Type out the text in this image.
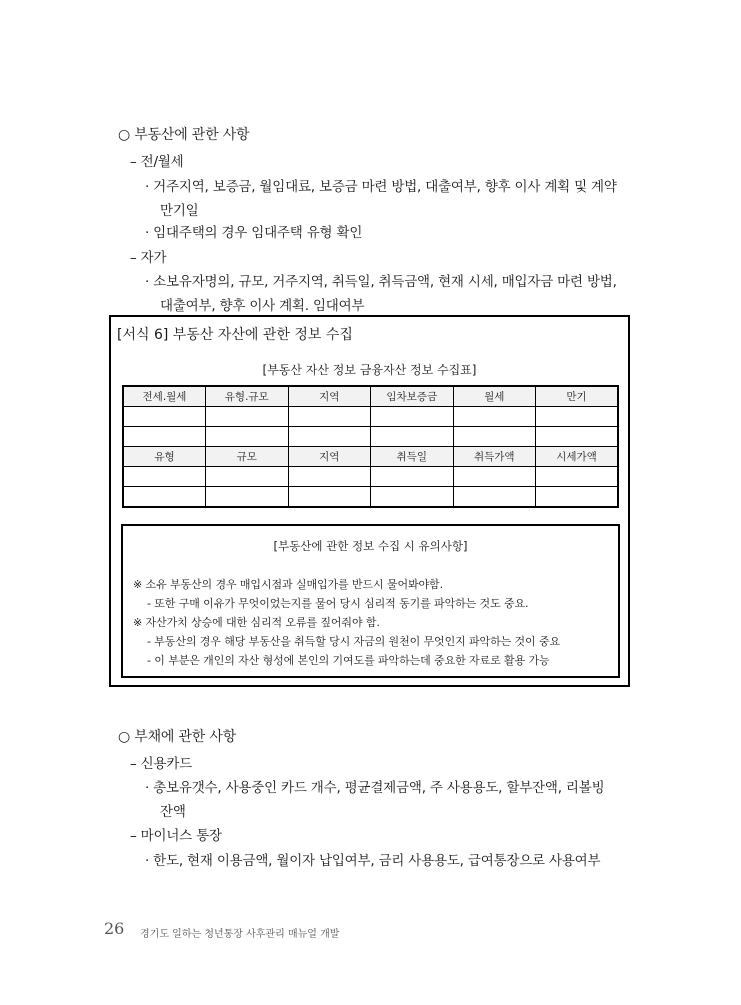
○ 부동산에 관한 사항
– 전/월세
· 거주지역, 보증금, 월임대료, 보증금 마련 방법, 대출여부, 향후 이사 계획 및 계약
만기일
· 임대주택의 경우 임대주택 유형 확인
– 자가
· 소보유자명의, 규모, 거주지역, 취득일, 취득금액, 현재 시세, 매입자금 마련 방법,
대출여부, 향후 이사 계획. 임대여부
[서식 6] 부동산 자산에 관한 정보 수집
[부동산 자산 정보 금융자산 정보 수집표]
전세.월세	유형.규모	지역	임차보증금	월세	만기

유형	규모	지역	취득일	취득가액	시세가액

[부동산에 관한 정보 수집 시 유의사항]
※ 소유 부동산의 경우 매입시점과 실매입가를 반드시 물어봐야함.
- 또한 구매 이유가 무엇이었는지를 물어 당시 심리적 동기를 파악하는 것도 중요.
※ 자산가치 상승에 대한 심리적 오류를 짚어줘야 함.
- 부동산의 경우 해당 부동산을 취득할 당시 자금의 원천이 무엇인지 파악하는 것이 중요
- 이 부분은 개인의 자산 형성에 본인의 기여도를 파악하는데 중요한 자료로 활용 가능
○ 부채에 관한 사항
– 신용카드
· 총보유갯수, 사용중인 카드 개수, 평균결제금액, 주 사용용도, 할부잔액, 리볼빙
잔액
– 마이너스 통장
· 한도, 현재 이용금액, 월이자 납입여부, 금리 사용용도, 급여통장으로 사용여부
26 경기도 일하는 청년통장 사후관리 매뉴얼 개발
